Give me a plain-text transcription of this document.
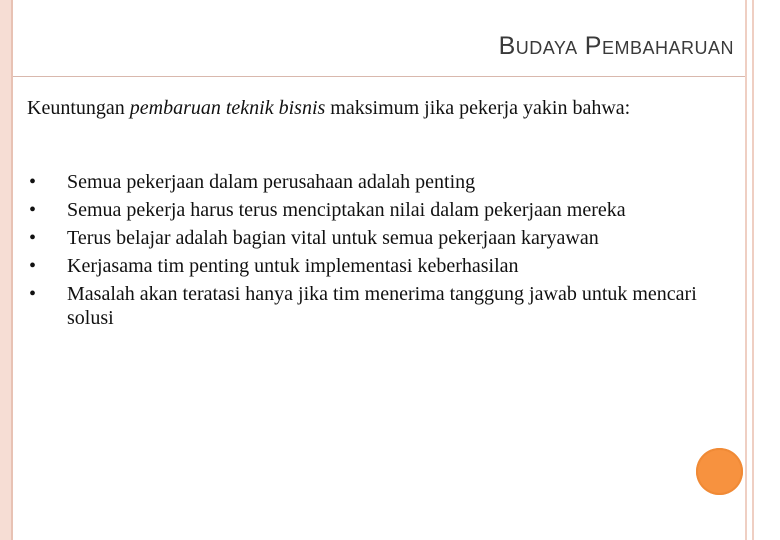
BUDAYA PEMBAHARUAN
Keuntungan pembaruan teknik bisnis maksimum jika pekerja yakin bahwa:
•	Semua pekerjaan dalam perusahaan adalah penting
•	Semua pekerja harus terus menciptakan nilai dalam pekerjaan mereka
•	Terus belajar adalah bagian vital untuk semua pekerjaan karyawan
•	Kerjasama tim penting untuk implementasi keberhasilan
•	Masalah akan teratasi hanya jika tim menerima tanggung jawab untuk mencari solusi
